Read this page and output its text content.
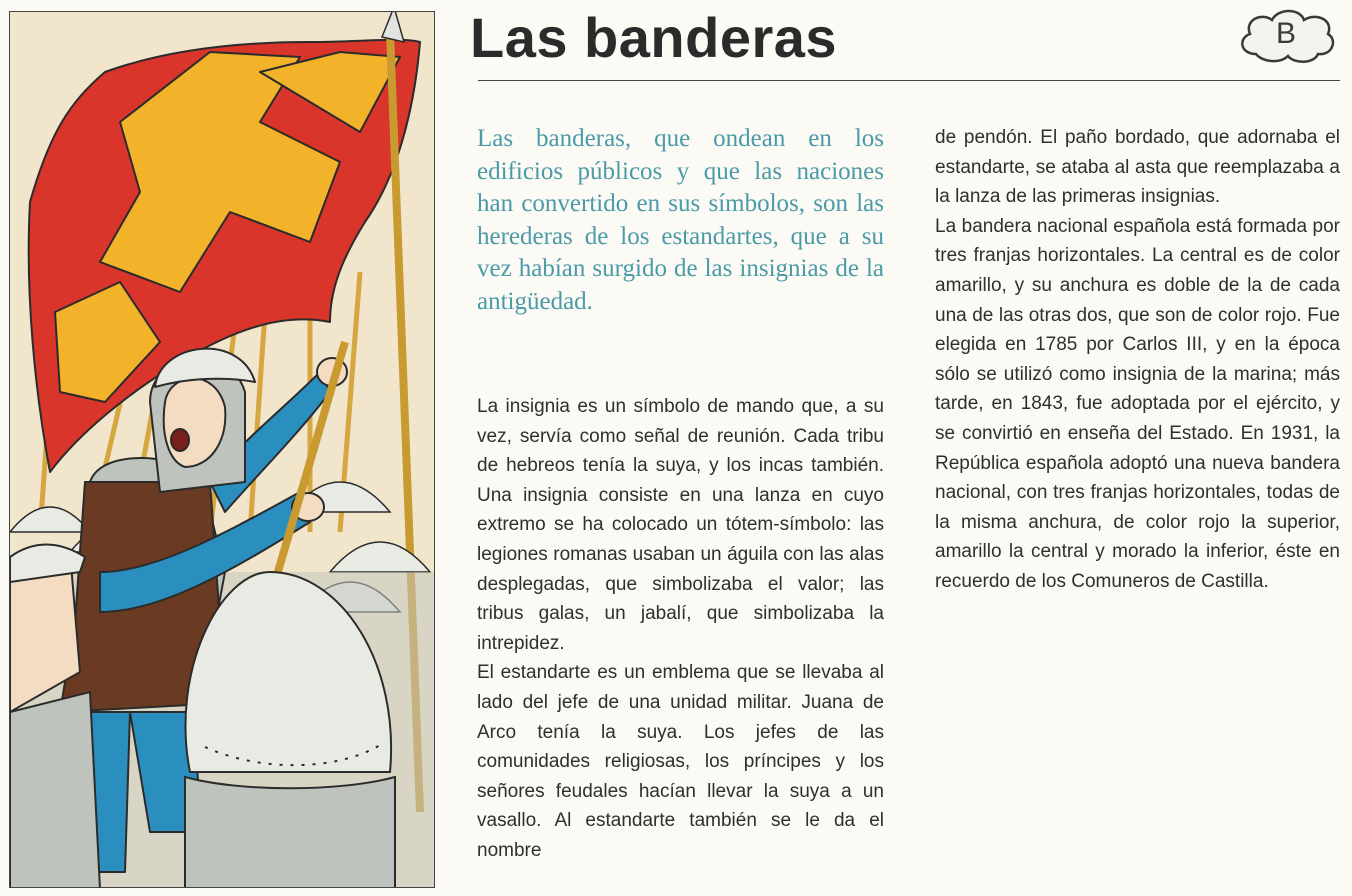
Las banderas	B

Las banderas, que ondean en los edificios públicos y que las naciones han convertido en sus símbolos, son las herederas de los estandartes, que a su vez habían surgido de las insignias de la antigüedad.

La insignia es un símbolo de mando que, a su vez, servía como señal de reunión. Cada tribu de hebreos tenía la suya, y los incas también. Una insignia consiste en una lanza en cuyo extremo se ha colocado un tótem-símbolo: las legiones romanas usaban un águila con las alas desplegadas, que simbolizaba el valor; las tribus galas, un jabalí, que simbolizaba la intrepidez.

El estandarte es un emblema que se llevaba al lado del jefe de una unidad militar. Juana de Arco tenía la suya. Los jefes de las comunidades religiosas, los príncipes y los señores feudales hacían llevar la suya a un vasallo. Al estandarte también se le da el nombre

de pendón. El paño bordado, que adornaba el estandarte, se ataba al asta que reemplazaba a la lanza de las primeras insignias.

La bandera nacional española está formada por tres franjas horizontales. La central es de color amarillo, y su anchura es doble de la de cada una de las otras dos, que son de color rojo. Fue elegida en 1785 por Carlos III, y en la época sólo se utilizó como insignia de la marina; más tarde, en 1843, fue adoptada por el ejército, y se convirtió en enseña del Estado. En 1931, la República española adoptó una nueva bandera nacional, con tres franjas horizontales, todas de la misma anchura, de color rojo la superior, amarillo la central y morado la inferior, éste en recuerdo de los Comuneros de Castilla.
